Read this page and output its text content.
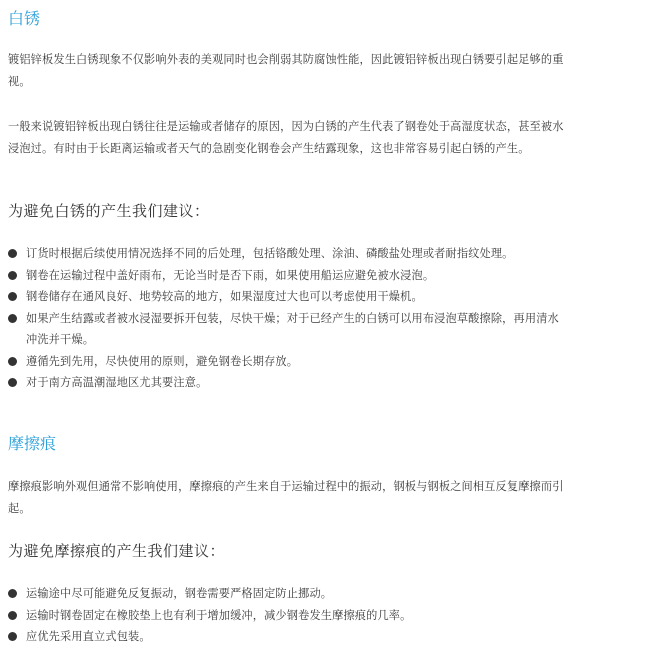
白锈

镀铝锌板发生白锈现象不仅影响外表的美观同时也会削弱其防腐蚀性能，因此镀铝锌板出现白锈要引起足够的重视。

一般来说镀铝锌板出现白锈往往是运输或者储存的原因，因为白锈的产生代表了钢卷处于高湿度状态，甚至被水浸泡过。有时由于长距离运输或者天气的急剧变化钢卷会产生结露现象，这也非常容易引起白锈的产生。

为避免白锈的产生我们建议：
订货时根据后续使用情况选择不同的后处理，包括铬酸处理、涂油、磷酸盐处理或者耐指纹处理。
钢卷在运输过程中盖好雨布，无论当时是否下雨，如果使用船运应避免被水浸泡。
钢卷储存在通风良好、地势较高的地方，如果湿度过大也可以考虑使用干燥机。
如果产生结露或者被水浸湿要拆开包装，尽快干燥；对于已经产生的白锈可以用布浸泡草酸擦除，再用清水冲洗并干燥。
遵循先到先用，尽快使用的原则，避免钢卷长期存放。
对于南方高温潮湿地区尤其要注意。
摩擦痕

摩擦痕影响外观但通常不影响使用，摩擦痕的产生来自于运输过程中的振动，钢板与钢板之间相互反复摩擦而引起。

为避免摩擦痕的产生我们建议：
运输途中尽可能避免反复振动，钢卷需要严格固定防止挪动。
运输时钢卷固定在橡胶垫上也有利于增加缓冲，减少钢卷发生摩擦痕的几率。
应优先采用直立式包装。
